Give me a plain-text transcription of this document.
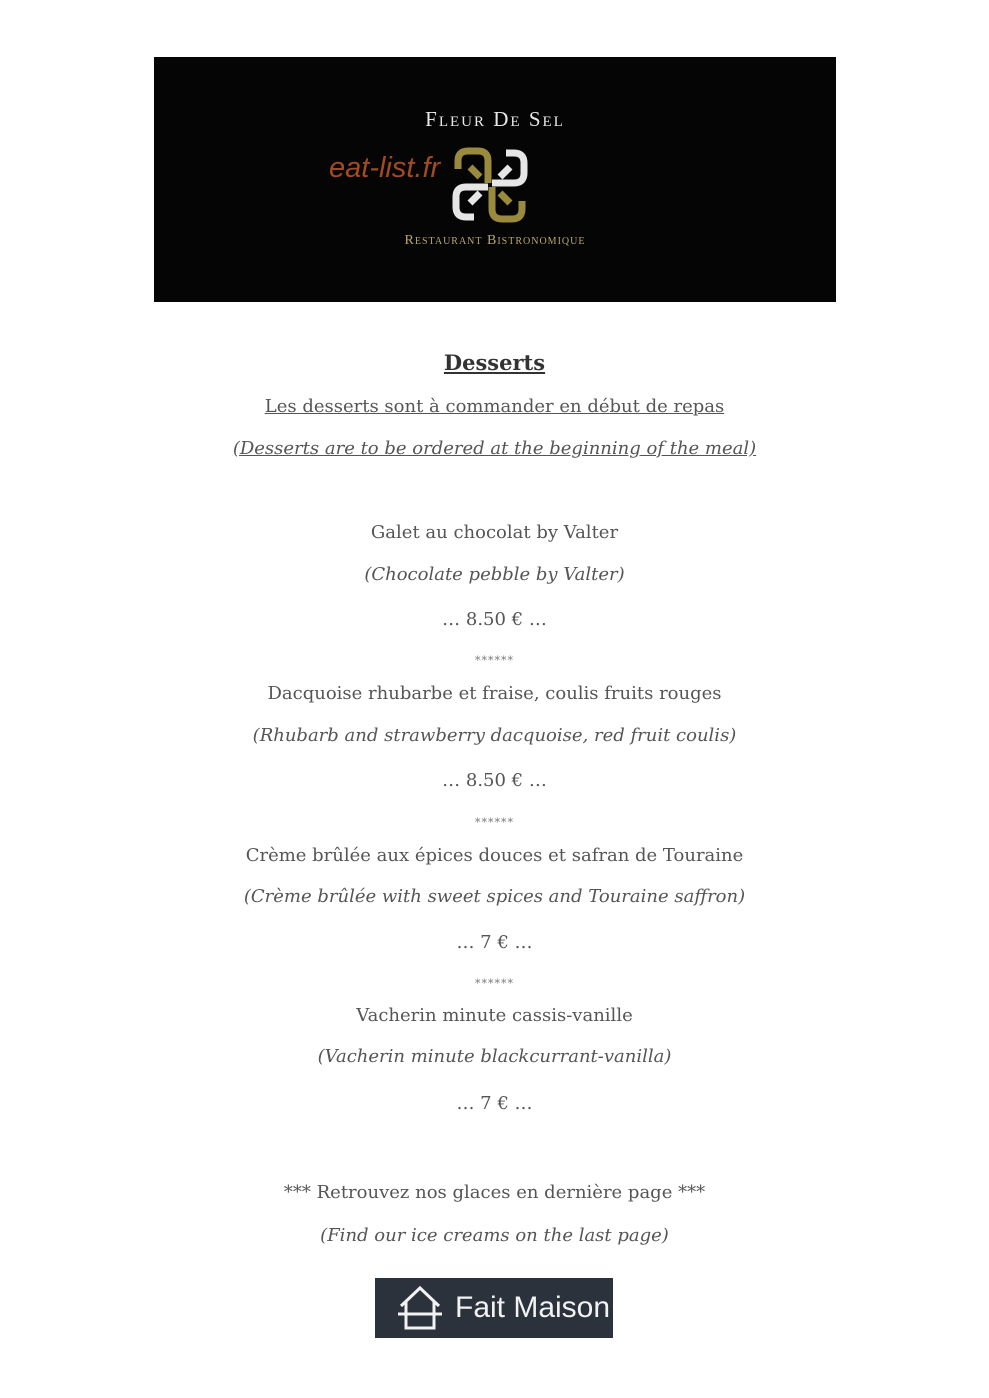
Fleur De Sel
eat-list.fr
Restaurant Bistronomique
Desserts
Les desserts sont à commander en début de repas
(Desserts are to be ordered at the beginning of the meal)
Galet au chocolat by Valter
(Chocolate pebble by Valter)
… 8.50 € …
******
Dacquoise rhubarbe et fraise, coulis fruits rouges
(Rhubarb and strawberry dacquoise, red fruit coulis)
… 8.50 € …
******
Crème brûlée aux épices douces et safran de Touraine
(Crème brûlée with sweet spices and Touraine saffron)
… 7 € …
******
Vacherin minute cassis-vanille
(Vacherin minute blackcurrant-vanilla)
… 7 € …
*** Retrouvez nos glaces en dernière page ***
(Find our ice creams on the last page)
Fait Maison
